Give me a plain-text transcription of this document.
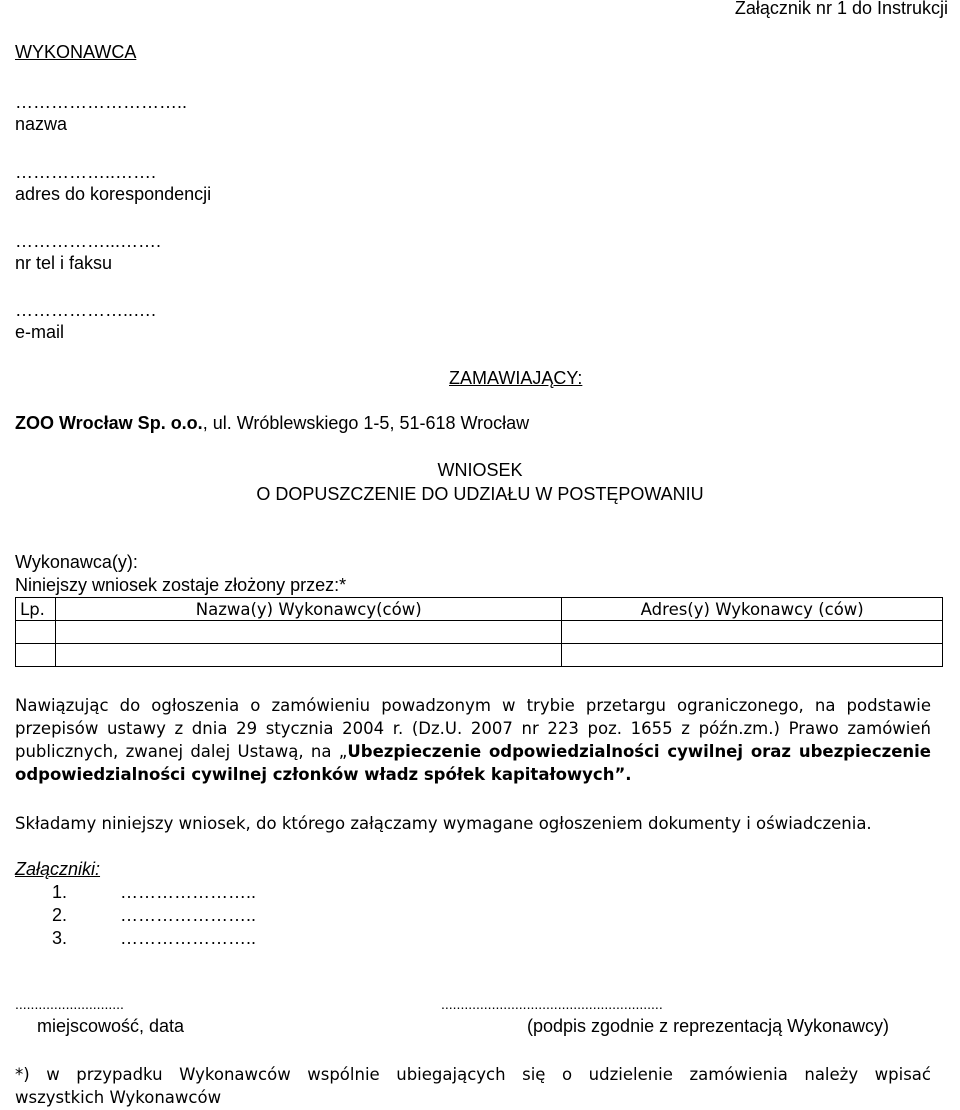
Załącznik nr 1 do Instrukcji
WYKONAWCA
………………………..
nazwa
……………..…….
adres do korespondencji
……………...…….
nr tel i faksu
………………..….
e-mail
ZAMAWIAJĄCY:
ZOO Wrocław Sp. o.o., ul. Wróblewskiego 1-5, 51-618 Wrocław
WNIOSEK
O DOPUSZCZENIE DO UDZIAŁU W POSTĘPOWANIU
Wykonawca(y):
Niniejszy wniosek zostaje złożony przez:*
Lp.	Nazwa(y) Wykonawcy(ców)	Adres(y) Wykonawcy (ców)

Nawiązując do ogłoszenia o zamówieniu powadzonym w trybie przetargu ograniczonego, na podstawie
przepisów ustawy z dnia 29 stycznia 2004 r. (Dz.U. 2007 nr 223 poz. 1655 z późn.zm.) Prawo zamówień
publicznych, zwanej dalej Ustawą, na „Ubezpieczenie odpowiedzialności cywilnej oraz ubezpieczenie
odpowiedzialności cywilnej członków władz spółek kapitałowych”.
Składamy niniejszy wniosek, do którego załączamy wymagane ogłoszeniem dokumenty i oświadczenia.
Załączniki:
1.	…………………..
2.	…………………..
3.	…………………..
............................
miejscowość, data
.........................................................
(podpis zgodnie z reprezentacją Wykonawcy)
*) w przypadku Wykonawców wspólnie ubiegających się o udzielenie zamówienia należy wpisać
wszystkich Wykonawców
